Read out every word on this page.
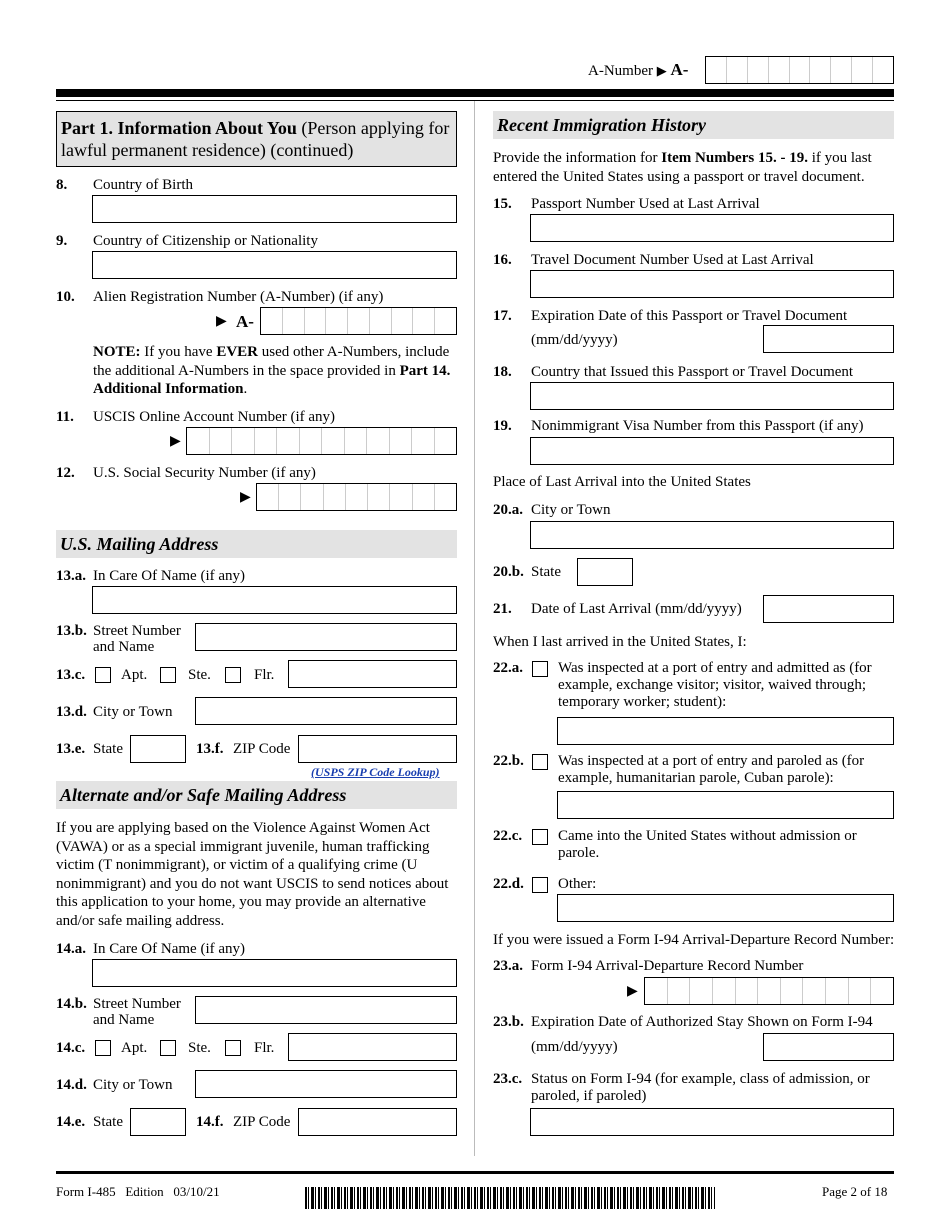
A-Number ▶ A-
Part 1. Information About You (Person applying for lawful permanent residence) (continued)
8. Country of Birth
9. Country of Citizenship or Nationality
10. Alien Registration Number (A-Number) (if any)
▶ A-
NOTE: If you have EVER used other A-Numbers, include the additional A-Numbers in the space provided in Part 14. Additional Information.
11. USCIS Online Account Number (if any)
▶
12. U.S. Social Security Number (if any)
▶
U.S. Mailing Address
13.a. In Care Of Name (if any)
13.b. Street Number
and Name
13.c. Apt.	Ste.	Flr.
13.d. City or Town
13.e. State	13.f. ZIP Code
(USPS ZIP Code Lookup)
Alternate and/or Safe Mailing Address
If you are applying based on the Violence Against Women Act (VAWA) or as a special immigrant juvenile, human trafficking victim (T nonimmigrant), or victim of a qualifying crime (U nonimmigrant) and you do not want USCIS to send notices about this application to your home, you may provide an alternative and/or safe mailing address.
14.a. In Care Of Name (if any)
14.b. Street Number
and Name
14.c. Apt.	Ste.	Flr.
14.d. City or Town
14.e. State	14.f. ZIP Code
Recent Immigration History
Provide the information for Item Numbers 15. - 19. if you last entered the United States using a passport or travel document.
15. Passport Number Used at Last Arrival
16. Travel Document Number Used at Last Arrival
17. Expiration Date of this Passport or Travel Document
(mm/dd/yyyy)
18. Country that Issued this Passport or Travel Document
19. Nonimmigrant Visa Number from this Passport (if any)
Place of Last Arrival into the United States
20.a. City or Town
20.b. State
21. Date of Last Arrival (mm/dd/yyyy)
When I last arrived in the United States, I:
22.a. Was inspected at a port of entry and admitted as (for example, exchange visitor; visitor, waived through; temporary worker; student):
22.b. Was inspected at a port of entry and paroled as (for example, humanitarian parole, Cuban parole):
22.c. Came into the United States without admission or parole.
22.d. Other:
If you were issued a Form I-94 Arrival-Departure Record Number:
23.a. Form I-94 Arrival-Departure Record Number
▶
23.b. Expiration Date of Authorized Stay Shown on Form I-94
(mm/dd/yyyy)
23.c. Status on Form I-94 (for example, class of admission, or paroled, if paroled)
Form I-485   Edition   03/10/21	Page 2 of 18
